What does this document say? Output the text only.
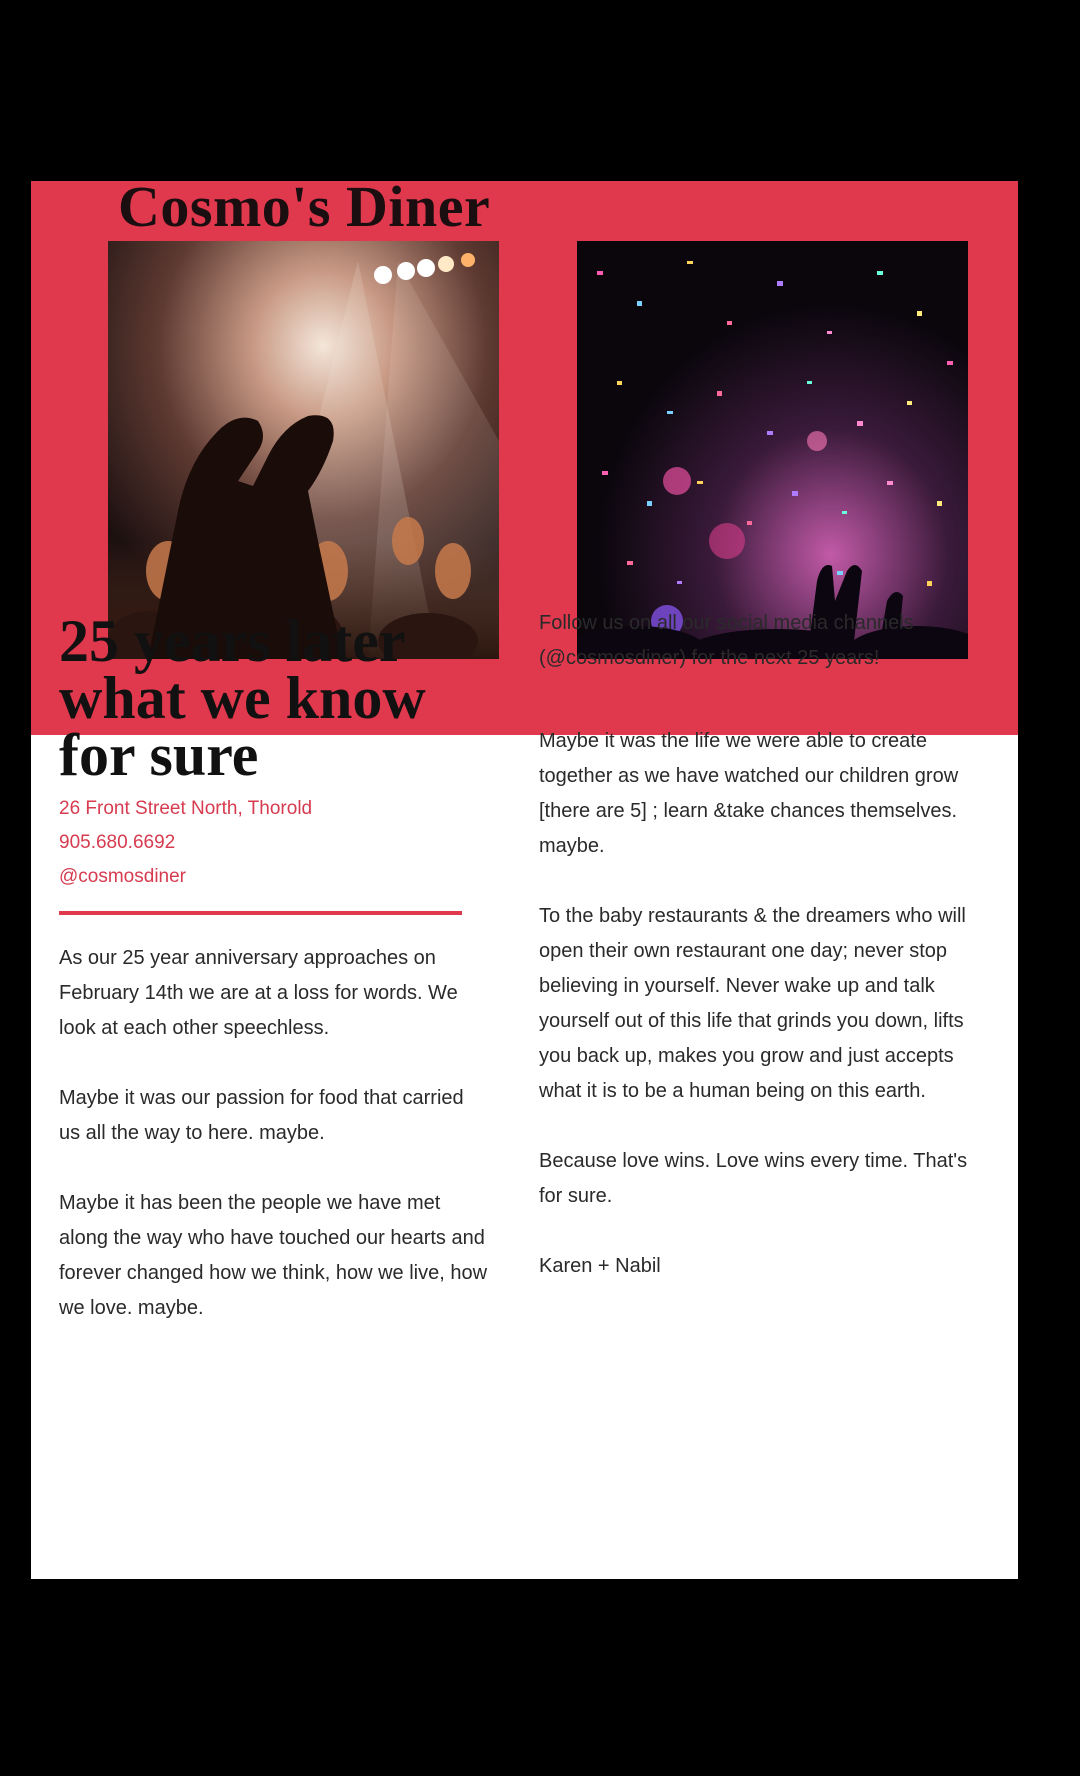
Cosmo's Diner
25 years later
what we know
for sure
26 Front Street North, Thorold
905.680.6692
@cosmosdiner

As our 25 year anniversary approaches on February 14th we are at a loss for words. We look at each other speechless.

Maybe it was our passion for food that carried us all the way to here. maybe.

Maybe it has been the people we have met along the way who have touched our hearts and forever changed how we think, how we live, how we love. maybe.

Follow us on all our social media channels (@cosmosdiner) for the next 25 years!

Maybe it was the life we were able to create together as we have watched our children grow [there are 5] ; learn &take chances themselves. maybe.

To the baby restaurants & the dreamers who will open their own restaurant one day; never stop believing in yourself. Never wake up and talk yourself out of this life that grinds you down, lifts you back up, makes you grow and just accepts what it is to be a human being on this earth.

Because love wins. Love wins every time. That's for sure.

Karen + Nabil
